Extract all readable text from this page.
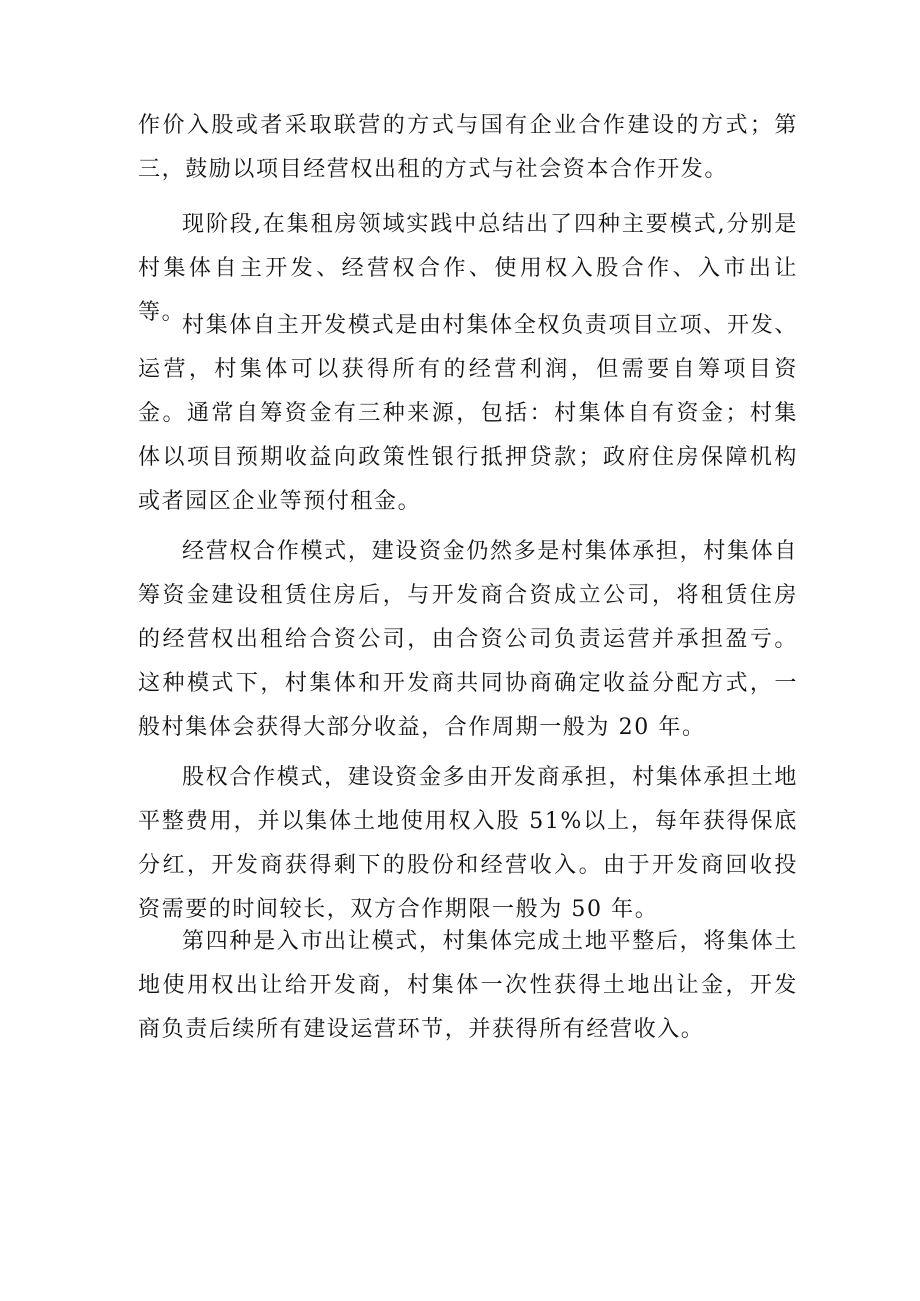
作价入股或者采取联营的方式与国有企业合作建设的方式；第三，鼓励以项目经营权出租的方式与社会资本合作开发。

现阶段,在集租房领域实践中总结出了四种主要模式,分别是村集体自主开发、经营权合作、使用权入股合作、入市出让等。

村集体自主开发模式是由村集体全权负责项目立项、开发、运营，村集体可以获得所有的经营利润，但需要自筹项目资金。通常自筹资金有三种来源，包括：村集体自有资金；村集体以项目预期收益向政策性银行抵押贷款；政府住房保障机构或者园区企业等预付租金。

经营权合作模式，建设资金仍然多是村集体承担，村集体自筹资金建设租赁住房后，与开发商合资成立公司，将租赁住房的经营权出租给合资公司，由合资公司负责运营并承担盈亏。这种模式下，村集体和开发商共同协商确定收益分配方式，一般村集体会获得大部分收益，合作周期一般为 20 年。

股权合作模式，建设资金多由开发商承担，村集体承担土地平整费用，并以集体土地使用权入股 51%以上，每年获得保底分红，开发商获得剩下的股份和经营收入。由于开发商回收投资需要的时间较长，双方合作期限一般为 50 年。

第四种是入市出让模式，村集体完成土地平整后，将集体土地使用权出让给开发商，村集体一次性获得土地出让金，开发商负责后续所有建设运营环节，并获得所有经营收入。
